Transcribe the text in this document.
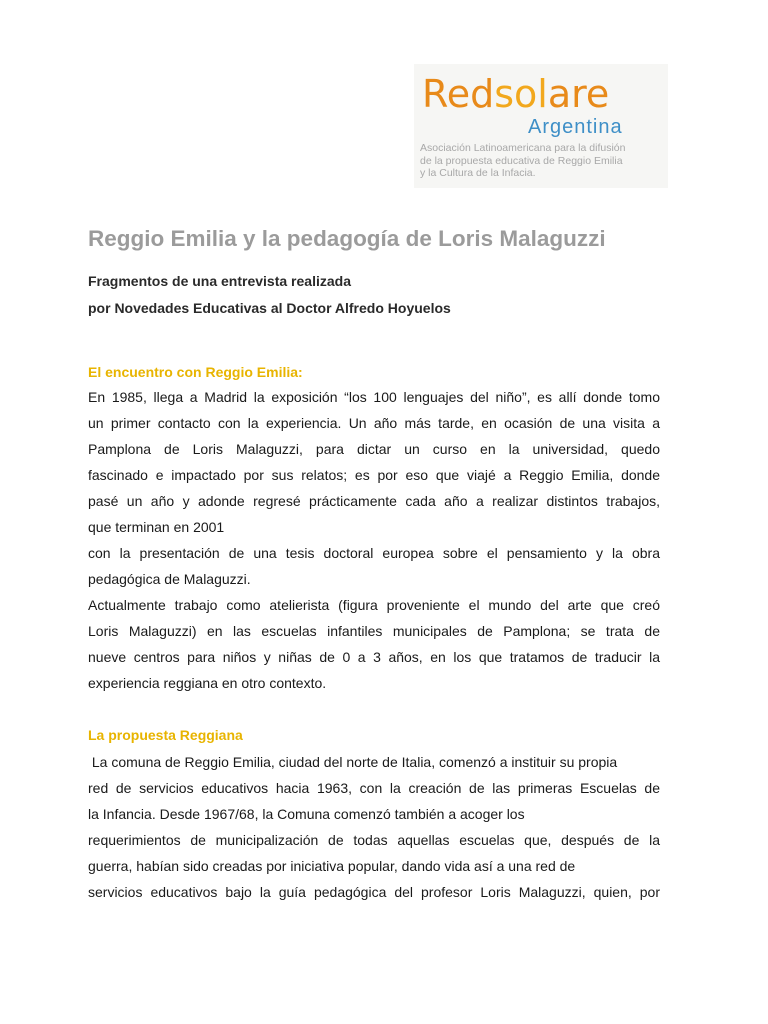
Redsolare
Argentina
Asociación Latinoamericana para la difusión
de la propuesta educativa de Reggio Emilia
y la Cultura de la Infacia.
Reggio Emilia y la pedagogía de Loris Malaguzzi
Fragmentos de una entrevista realizada
por Novedades Educativas al Doctor Alfredo Hoyuelos
El encuentro con Reggio Emilia:
En 1985, llega a Madrid la exposición “los 100 lenguajes del niño”, es allí donde tomo
un primer contacto con la experiencia. Un año más tarde, en ocasión de una visita a
Pamplona de Loris Malaguzzi, para dictar un curso en la universidad, quedo
fascinado e impactado por sus relatos; es por eso que viajé a Reggio Emilia, donde
pasé un año y adonde regresé prácticamente cada año a realizar distintos trabajos,
que terminan en 2001
con la presentación de una tesis doctoral europea sobre el pensamiento y la obra
pedagógica de Malaguzzi.
Actualmente trabajo como atelierista (figura proveniente el mundo del arte que creó
Loris Malaguzzi) en las escuelas infantiles municipales de Pamplona; se trata de
nueve centros para niños y niñas de 0 a 3 años, en los que tratamos de traducir la
experiencia reggiana en otro contexto.
La propuesta Reggiana
La comuna de Reggio Emilia, ciudad del norte de Italia, comenzó a instituir su propia
red de servicios educativos hacia 1963, con la creación de las primeras Escuelas de
la Infancia. Desde 1967/68, la Comuna comenzó también a acoger los
requerimientos de municipalización de todas aquellas escuelas que, después de la
guerra, habían sido creadas por iniciativa popular, dando vida así a una red de
servicios educativos bajo la guía pedagógica del profesor Loris Malaguzzi, quien, por
